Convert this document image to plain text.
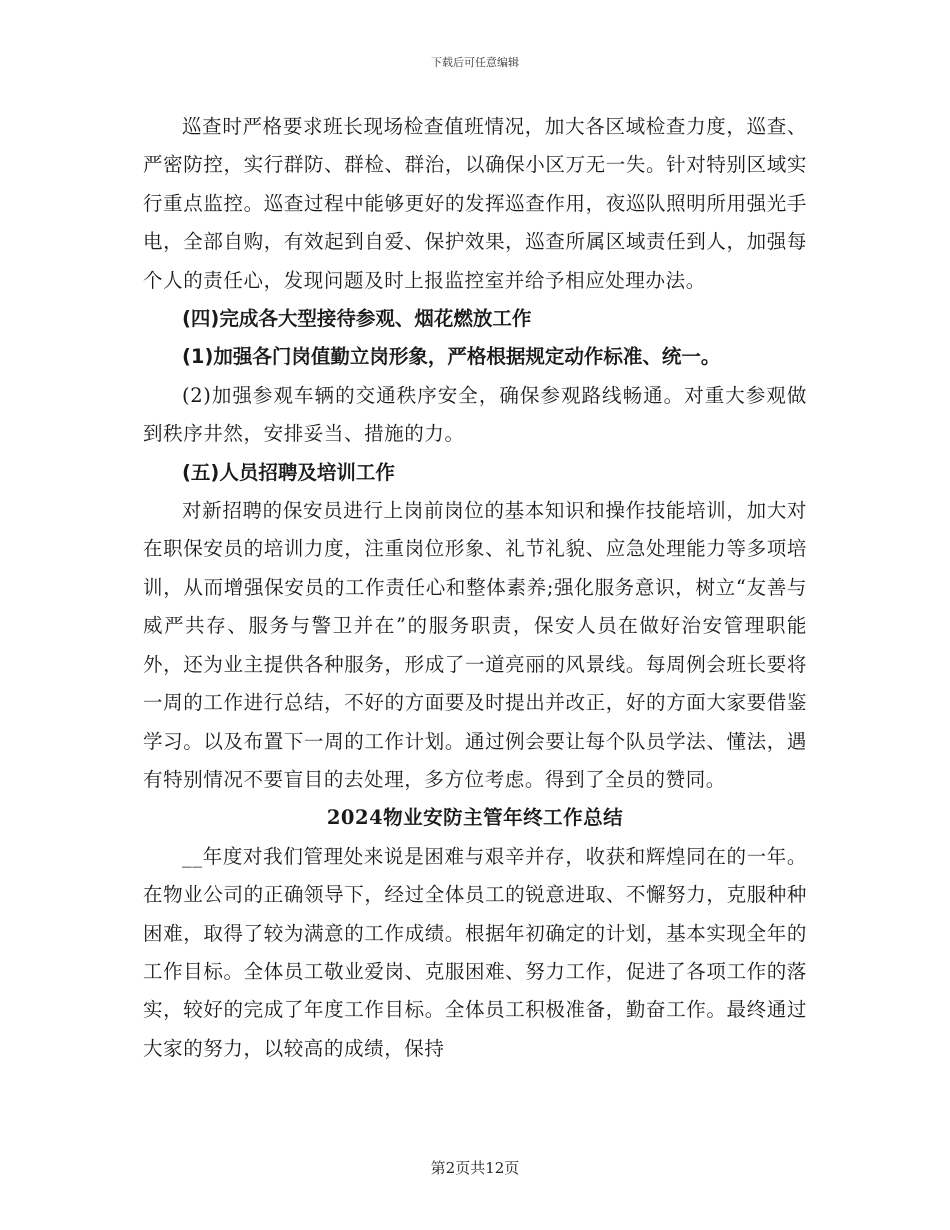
下载后可任意编辑

巡查时严格要求班长现场检查值班情况，加大各区域检查力度，巡查、严密防控，实行群防、群检、群治，以确保小区万无一失。针对特别区域实行重点监控。巡查过程中能够更好的发挥巡查作用，夜巡队照明所用强光手电，全部自购，有效起到自爱、保护效果，巡查所属区域责任到人，加强每个人的责任心，发现问题及时上报监控室并给予相应处理办法。

(四)完成各大型接待参观、烟花燃放工作

(1)加强各门岗值勤立岗形象，严格根据规定动作标准、统一。

(2)加强参观车辆的交通秩序安全，确保参观路线畅通。对重大参观做到秩序井然，安排妥当、措施的力。

(五)人员招聘及培训工作

对新招聘的保安员进行上岗前岗位的基本知识和操作技能培训，加大对在职保安员的培训力度，注重岗位形象、礼节礼貌、应急处理能力等多项培训，从而增强保安员的工作责任心和整体素养;强化服务意识，树立“友善与威严共存、服务与警卫并在”的服务职责，保安人员在做好治安管理职能外，还为业主提供各种服务，形成了一道亮丽的风景线。每周例会班长要将一周的工作进行总结，不好的方面要及时提出并改正，好的方面大家要借鉴学习。以及布置下一周的工作计划。通过例会要让每个队员学法、懂法，遇有特别情况不要盲目的去处理，多方位考虑。得到了全员的赞同。

2024物业安防主管年终工作总结

__年度对我们管理处来说是困难与艰辛并存，收获和辉煌同在的一年。在物业公司的正确领导下，经过全体员工的锐意进取、不懈努力，克服种种困难，取得了较为满意的工作成绩。根据年初确定的计划，基本实现全年的工作目标。全体员工敬业爱岗、克服困难、努力工作，促进了各项工作的落实，较好的完成了年度工作目标。全体员工积极准备，勤奋工作。最终通过大家的努力，以较高的成绩，保持

第2页共12页
